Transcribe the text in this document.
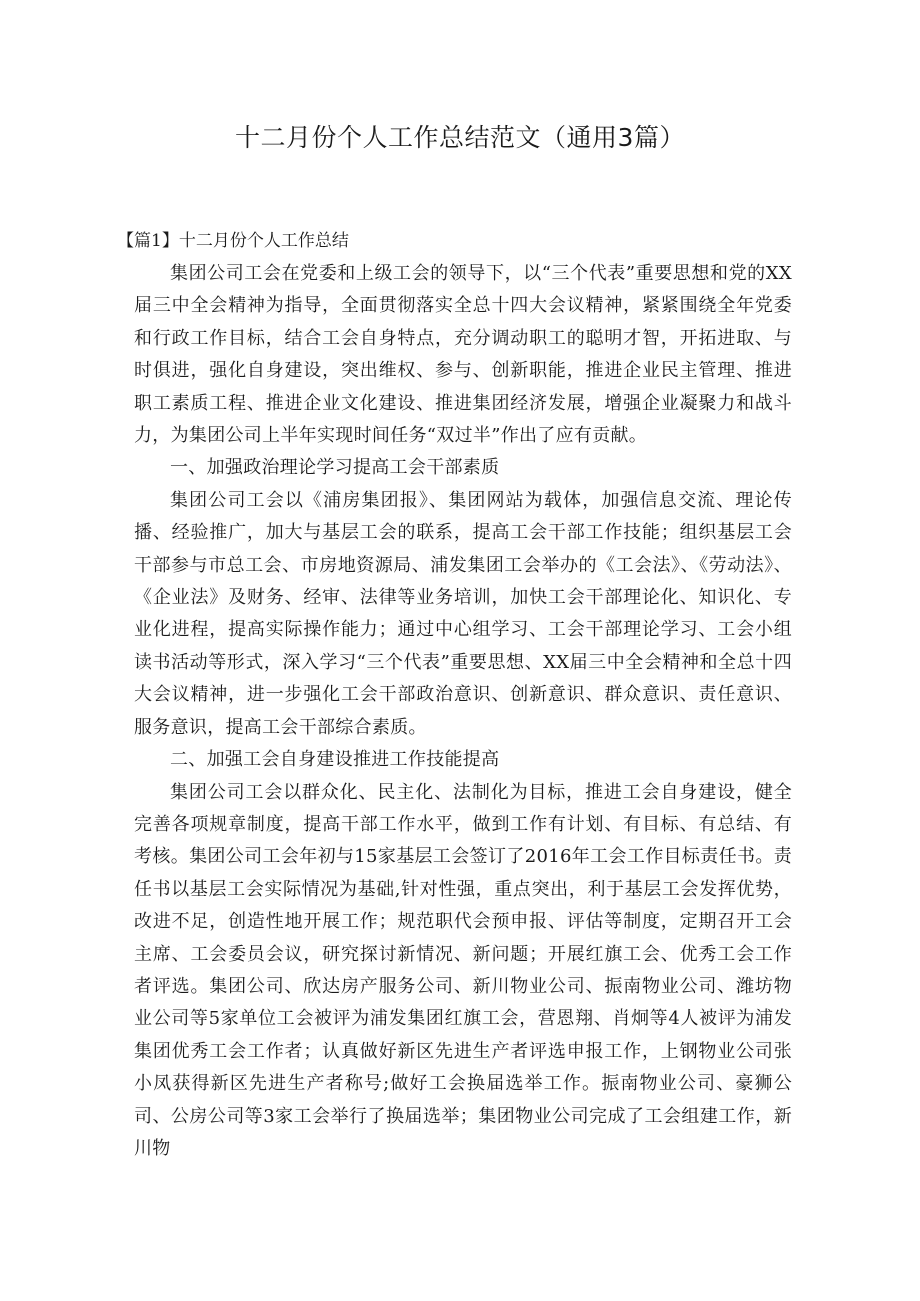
十二月份个人工作总结范文（通用3篇）
【篇1】十二月份个人工作总结

集团公司工会在党委和上级工会的领导下，以“三个代表”重要思想和党的XX届三中全会精神为指导，全面贯彻落实全总十四大会议精神，紧紧围绕全年党委和行政工作目标，结合工会自身特点，充分调动职工的聪明才智，开拓进取、与时俱进，强化自身建设，突出维权、参与、创新职能，推进企业民主管理、推进职工素质工程、推进企业文化建设、推进集团经济发展，增强企业凝聚力和战斗力，为集团公司上半年实现时间任务“双过半”作出了应有贡献。

一、加强政治理论学习提高工会干部素质

集团公司工会以《浦房集团报》、集团网站为载体，加强信息交流、理论传播、经验推广，加大与基层工会的联系，提高工会干部工作技能；组织基层工会干部参与市总工会、市房地资源局、浦发集团工会举办的《工会法》、《劳动法》、《企业法》及财务、经审、法律等业务培训，加快工会干部理论化、知识化、专业化进程，提高实际操作能力；通过中心组学习、工会干部理论学习、工会小组读书活动等形式，深入学习“三个代表”重要思想、XX届三中全会精神和全总十四大会议精神，进一步强化工会干部政治意识、创新意识、群众意识、责任意识、服务意识，提高工会干部综合素质。

二、加强工会自身建设推进工作技能提高

集团公司工会以群众化、民主化、法制化为目标，推进工会自身建设，健全完善各项规章制度，提高干部工作水平，做到工作有计划、有目标、有总结、有考核。集团公司工会年初与15家基层工会签订了2016年工会工作目标责任书。责任书以基层工会实际情况为基础,针对性强，重点突出，利于基层工会发挥优势，改进不足，创造性地开展工作；规范职代会预申报、评估等制度，定期召开工会主席、工会委员会议，研究探讨新情况、新问题；开展红旗工会、优秀工会工作者评选。集团公司、欣达房产服务公司、新川物业公司、振南物业公司、潍坊物业公司等5家单位工会被评为浦发集团红旗工会，营恩翔、肖炯等4人被评为浦发集团优秀工会工作者；认真做好新区先进生产者评选申报工作，上钢物业公司张小凤获得新区先进生产者称号;做好工会换届选举工作。振南物业公司、豪狮公司、公房公司等3家工会举行了换届选举；集团物业公司完成了工会组建工作，新川物
